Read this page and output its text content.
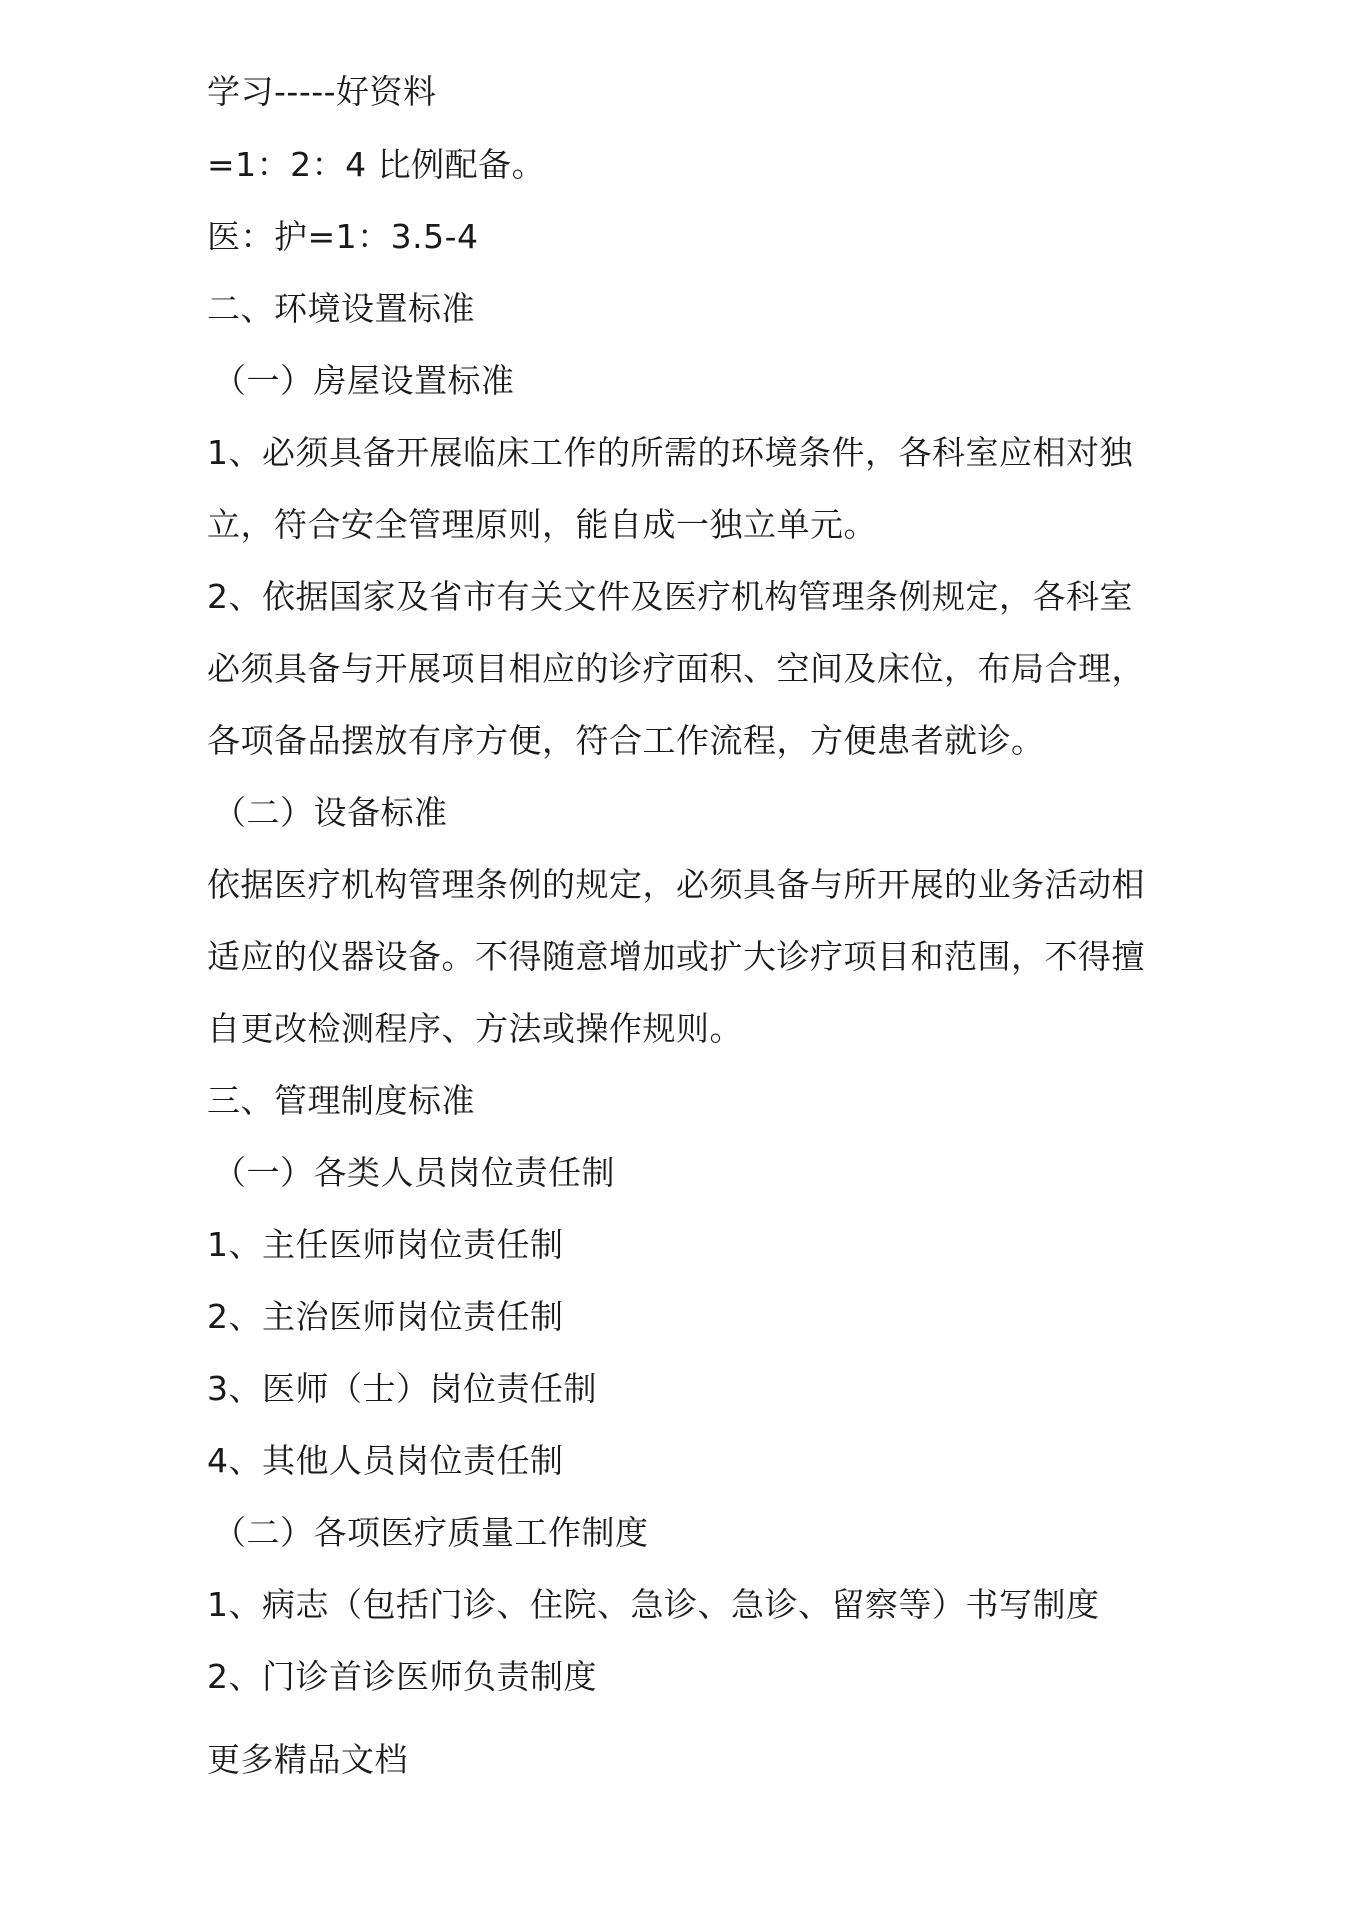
学习-----好资料
=1：2：4 比例配备。
医：护=1：3.5-4
二、环境设置标准
（一）房屋设置标准
1、必须具备开展临床工作的所需的环境条件，各科室应相对独
立，符合安全管理原则，能自成一独立单元。
2、依据国家及省市有关文件及医疗机构管理条例规定，各科室
必须具备与开展项目相应的诊疗面积、空间及床位，布局合理，
各项备品摆放有序方便，符合工作流程，方便患者就诊。
（二）设备标准
依据医疗机构管理条例的规定，必须具备与所开展的业务活动相
适应的仪器设备。不得随意增加或扩大诊疗项目和范围，不得擅
自更改检测程序、方法或操作规则。
三、管理制度标准
（一）各类人员岗位责任制
1、主任医师岗位责任制
2、主治医师岗位责任制
3、医师（士）岗位责任制
4、其他人员岗位责任制
（二）各项医疗质量工作制度
1、病志（包括门诊、住院、急诊、急诊、留察等）书写制度
2、门诊首诊医师负责制度
更多精品文档
